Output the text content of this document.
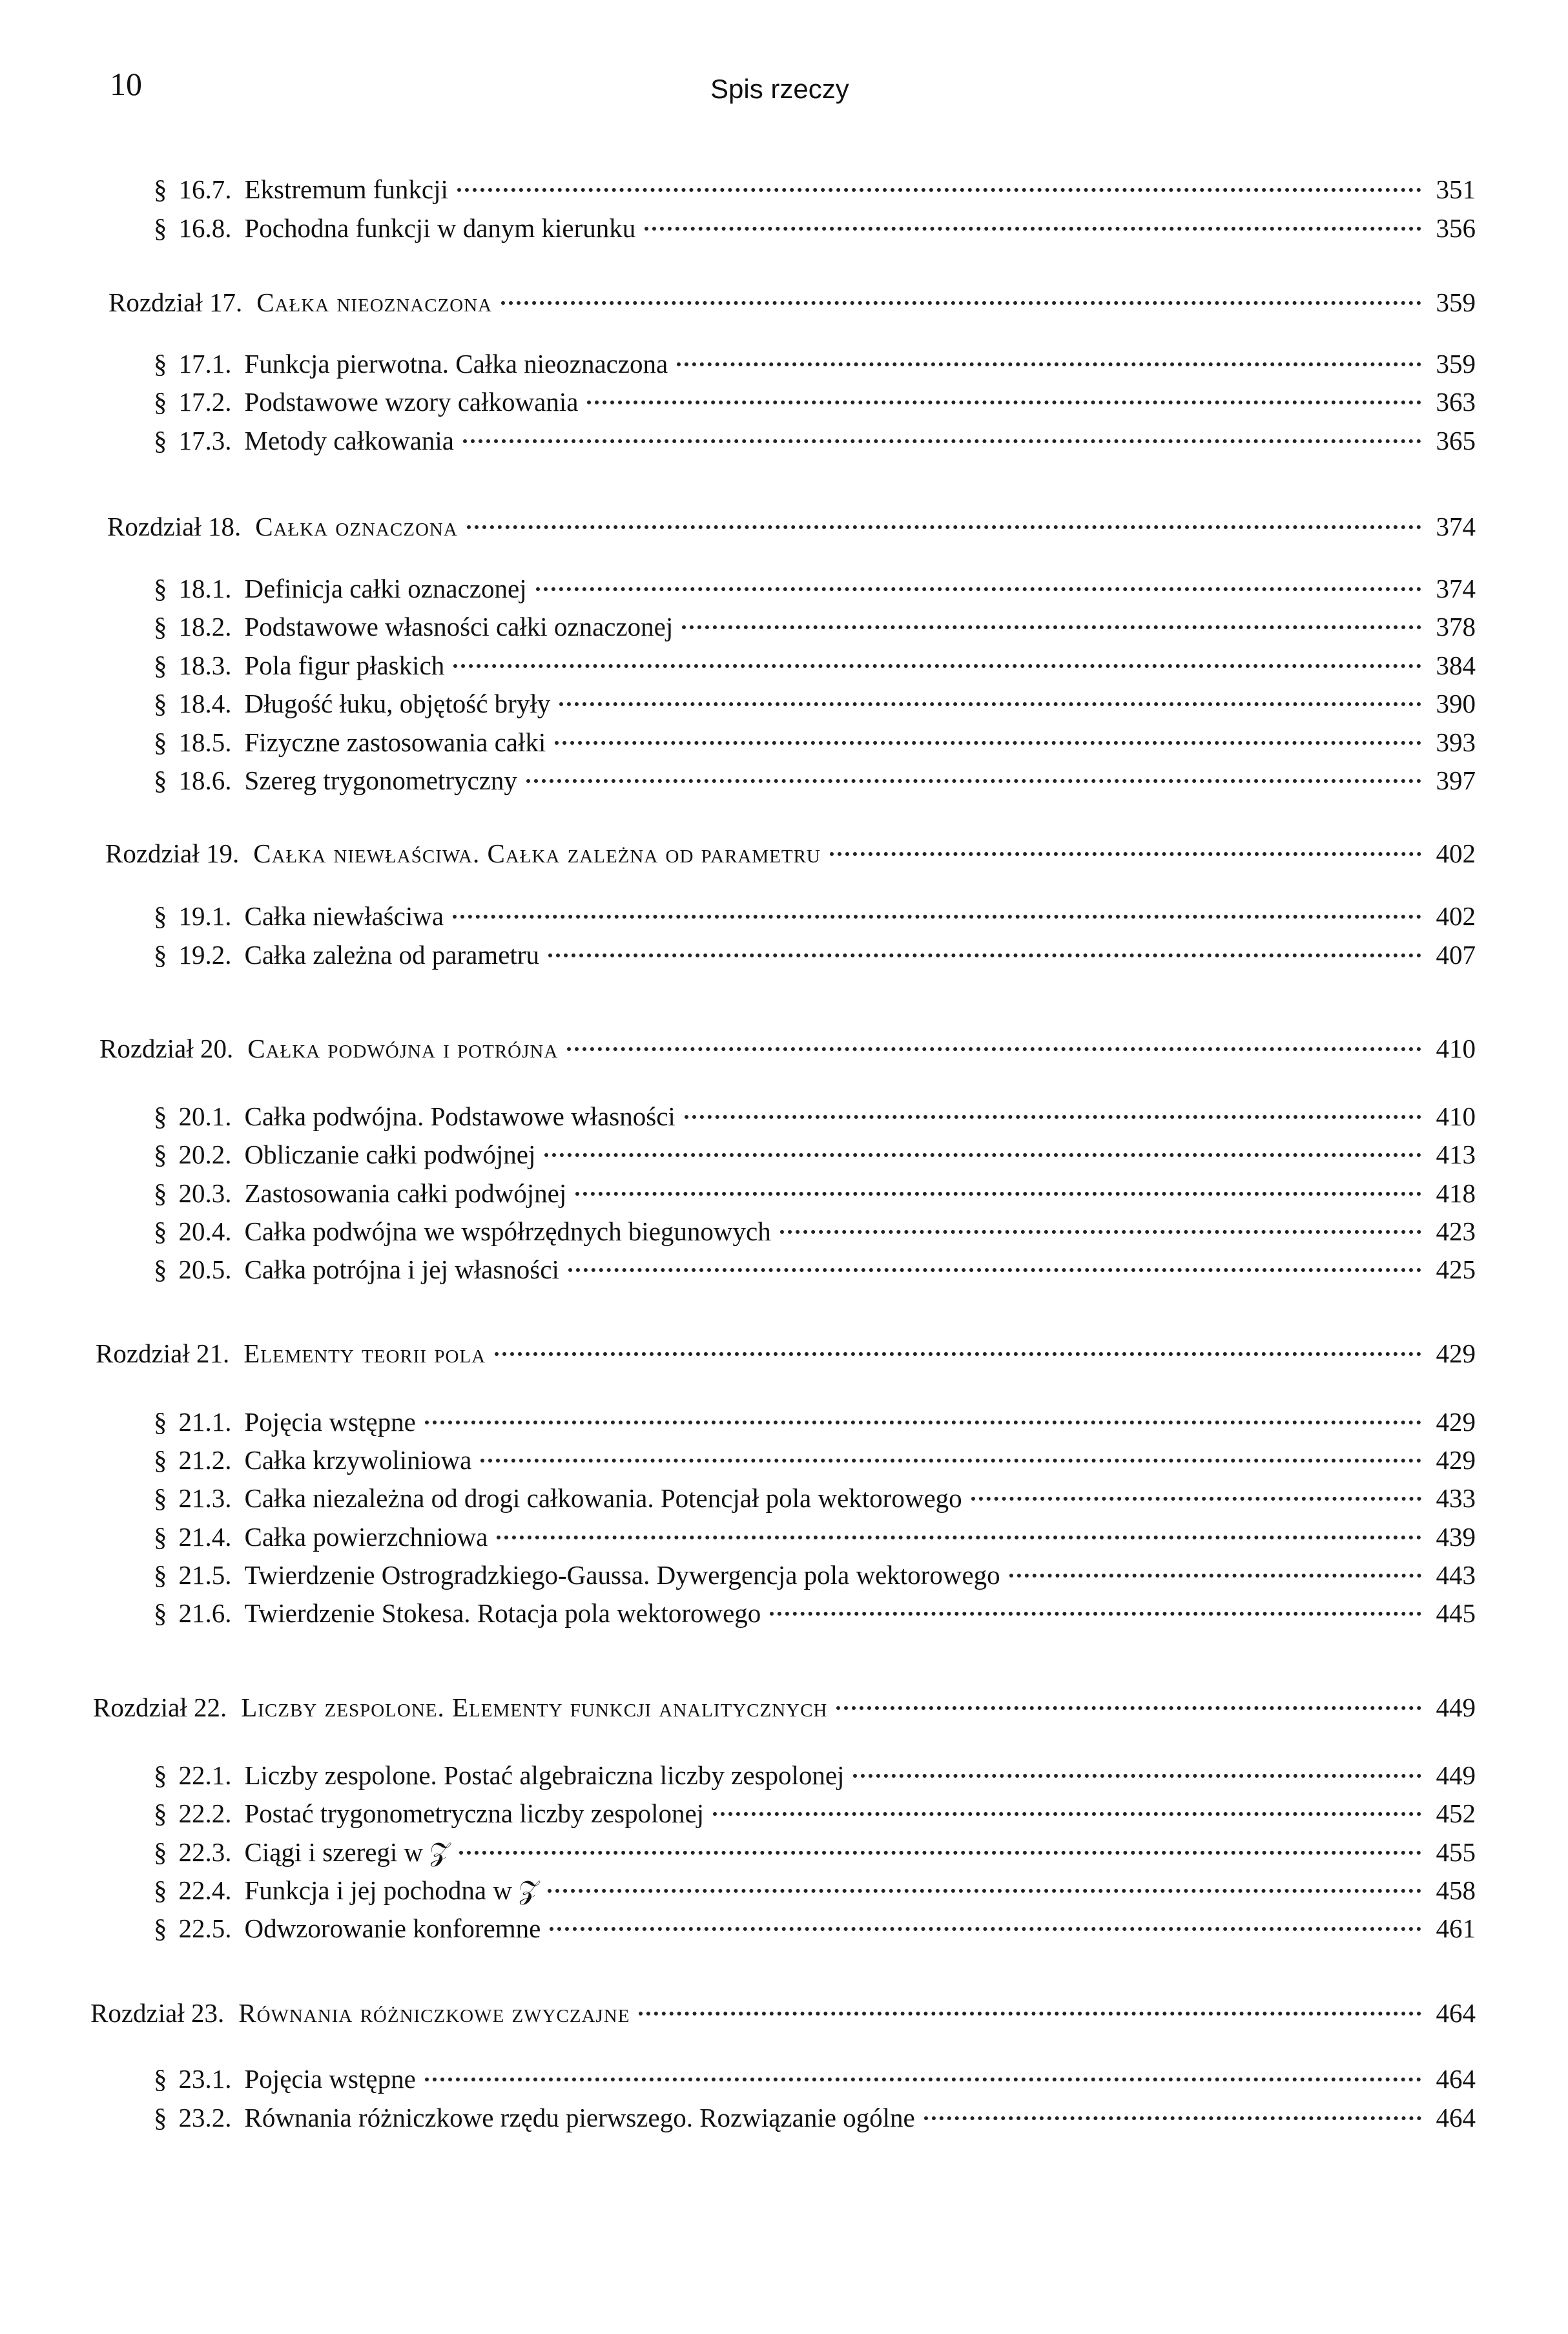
10	Spis rzeczy
§ 16.7. Ekstremum funkcji	351
§ 16.8. Pochodna funkcji w danym kierunku	356
Rozdział 17. Całka nieoznaczona	359
§ 17.1. Funkcja pierwotna. Całka nieoznaczona	359
§ 17.2. Podstawowe wzory całkowania	363
§ 17.3. Metody całkowania	365
Rozdział 18. Całka oznaczona	374
§ 18.1. Definicja całki oznaczonej	374
§ 18.2. Podstawowe własności całki oznaczonej	378
§ 18.3. Pola figur płaskich	384
§ 18.4. Długość łuku, objętość bryły	390
§ 18.5. Fizyczne zastosowania całki	393
§ 18.6. Szereg trygonometryczny	397
Rozdział 19. Całka niewłaściwa. Całka zależna od parametru	402
§ 19.1. Całka niewłaściwa	402
§ 19.2. Całka zależna od parametru	407
Rozdział 20. Całka podwójna i potrójna	410
§ 20.1. Całka podwójna. Podstawowe własności	410
§ 20.2. Obliczanie całki podwójnej	413
§ 20.3. Zastosowania całki podwójnej	418
§ 20.4. Całka podwójna we współrzędnych biegunowych	423
§ 20.5. Całka potrójna i jej własności	425
Rozdział 21. Elementy teorii pola	429
§ 21.1. Pojęcia wstępne	429
§ 21.2. Całka krzywoliniowa	429
§ 21.3. Całka niezależna od drogi całkowania. Potencjał pola wektorowego	433
§ 21.4. Całka powierzchniowa	439
§ 21.5. Twierdzenie Ostrogradzkiego-Gaussa. Dywergencja pola wektorowego	443
§ 21.6. Twierdzenie Stokesa. Rotacja pola wektorowego	445
Rozdział 22. Liczby zespolone. Elementy funkcji analitycznych	449
§ 22.1. Liczby zespolone. Postać algebraiczna liczby zespolonej	449
§ 22.2. Postać trygonometryczna liczby zespolonej	452
§ 22.3. Ciągi i szeregi w 𝒵	455
§ 22.4. Funkcja i jej pochodna w 𝒵	458
§ 22.5. Odwzorowanie konforemne	461
Rozdział 23. Równania różniczkowe zwyczajne	464
§ 23.1. Pojęcia wstępne	464
§ 23.2. Równania różniczkowe rzędu pierwszego. Rozwiązanie ogólne	464
